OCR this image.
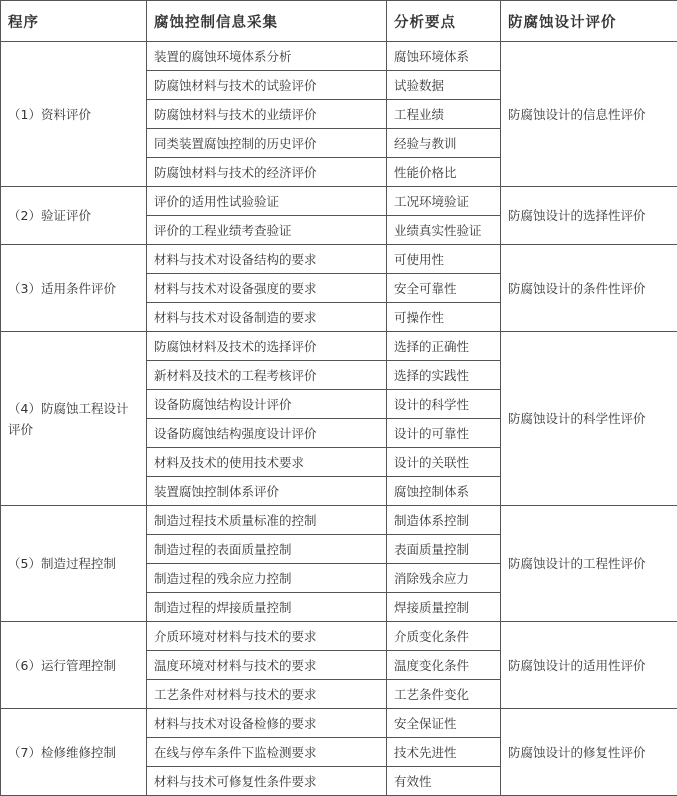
程序	腐蚀控制信息采集	分析要点	防腐蚀设计评价
（1）资料评价	装置的腐蚀环境体系分析	腐蚀环境体系	防腐蚀设计的信息性评价
	防腐蚀材料与技术的试验评价	试验数据	
	防腐蚀材料与技术的业绩评价	工程业绩	
	同类装置腐蚀控制的历史评价	经验与教训	
	防腐蚀材料与技术的经济评价	性能价格比	
（2）验证评价	评价的适用性试验验证	工况环境验证	防腐蚀设计的选择性评价
	评价的工程业绩考查验证	业绩真实性验证	
（3）适用条件评价	材料与技术对设备结构的要求	可使用性	防腐蚀设计的条件性评价
	材料与技术对设备强度的要求	安全可靠性	
	材料与技术对设备制造的要求	可操作性	
（4）防腐蚀工程设计评价	防腐蚀材料及技术的选择评价	选择的正确性	防腐蚀设计的科学性评价
	新材料及技术的工程考核评价	选择的实践性	
	设备防腐蚀结构设计评价	设计的科学性	
	设备防腐蚀结构强度设计评价	设计的可靠性	
	材料及技术的使用技术要求	设计的关联性	
	装置腐蚀控制体系评价	腐蚀控制体系	
（5）制造过程控制	制造过程技术质量标准的控制	制造体系控制	防腐蚀设计的工程性评价
	制造过程的表面质量控制	表面质量控制	
	制造过程的残余应力控制	消除残余应力	
	制造过程的焊接质量控制	焊接质量控制	
（6）运行管理控制	介质环境对材料与技术的要求	介质变化条件	防腐蚀设计的适用性评价
	温度环境对材料与技术的要求	温度变化条件	
	工艺条件对材料与技术的要求	工艺条件变化	
（7）检修维修控制	材料与技术对设备检修的要求	安全保证性	防腐蚀设计的修复性评价
	在线与停车条件下监检测要求	技术先进性	
	材料与技术可修复性条件要求	有效性	
